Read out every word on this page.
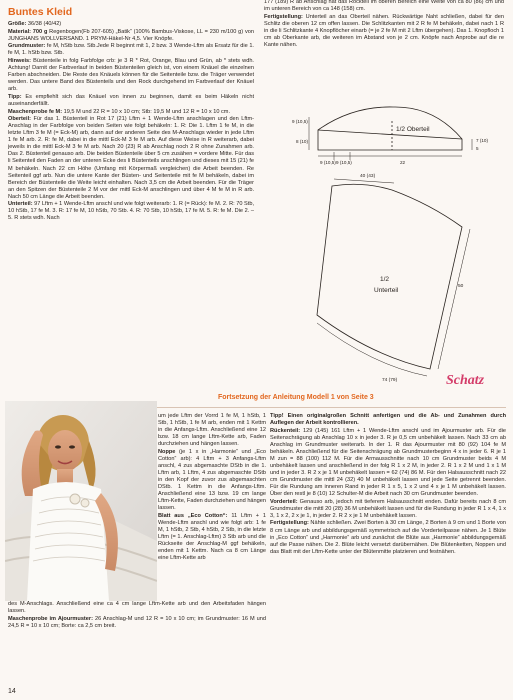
Buntes Kleid

Größe: 36/38 (40/42)

Material: 700 g Regenbogen(Fb 207-605) „Batik“ (100% Bambus-Viskose, LL = 230 m/100 g) von JUNGHANS WOLLVERSAND. 1 PRYM-Häkel-Nr 4,5. Vier Knöpfe.

Grundmuster: fe M, hStb bzw. Stb.Jede R beginnt mit 1, 2 bzw. 3 Wende-Lftm als Ersatz für die 1. fe M, 1. hStb bzw. Stb.

Hinweis: Büstenteile in folg Farbfolge crb: je 3 R * Rot, Orange, Blau und Grün, ab * stets wdh. Achtung! Darnit der Farbverlauf in beiden Büstenteilen gleich ist, von einem Knäuel die einzelnen Farben abschneiden. Die Reste des Knäuels können für die Seitenteile bzw. die Träger verwendet werden. Das untere Band des Büstenteils und den Rock durchgehend im Farbverlauf der Knäuel arb.

Tipp: Es empfiehlt sich das Knäuel von innen zu beginnen, damit es beim Häkeln nicht auseinanderfällt.

Maschenprobe fe M: 19,5 M und 22 R = 10 x 10 cm; Stb: 19,5 M und 12 R = 10 x 10 cm.

Oberteil: Für das 1. Büstenteil in Rot 17 (21) Lftm + 1 Wende-Lftm anschlagen und den Lftm-Anschlag in der Farbfolge von beiden Seiten wie folgt behäkeln: 1. R: Die 1. Lftm 1 fe M, in die letzte Lftm 3 fe M (= Eck-M) arb, dann auf der anderen Seite des M-Anschlags wieder in jede Lftm 1 fe M arb. 2. R: fe M, dabei in die mittl Eck-M 3 fe M arb. Auf diese Weise in R weiterarb, dabei jeweils in die mittl Eck-M 3 fe M arb. Nach 20 (23) R ab Anschlag noch 2 R ohne Zunahmen arb. Das 2. Büstenteil genauso arb. Die beiden Büstenteile über 5 cm zusähen = vordere Mitte. Für das li Seitenteil den Faden an der unteren Ecke des li Büstenteils anschlingen und dieses mit 15 (21) fe M behäkeln. Nach 22 cm Höhe (Umfang mit Körpermaß vergleichen) die Arbeit beenden. Re Seitenteil ggf arb. Nun die untere Kante der Büsten- und Seitenteile mit fe M behäkeln, dabei im Bereich der Büstenteile die Weite leicht einhalten. Nach 3,5 cm die Arbeit beenden. Für die Träger an den Spitzen der Büstenteile 2 M vor der mittl Eck-M anschlingen und über 4 M fe M in R arb. Nach 50 cm Länge die Arbeit beenden.

Unterteil: 97 Lftm + 1 Wende-Lftm anschl und wie folgt weiterarb: 1. R (= Rück): fe M. 2. R: 70 Stb, 10 hStb, 17 fe M. 3. R: 17 fe M, 10 hStb, 70 Stb. 4. R: 70 Stb, 10 hStb, 17 fe M. 5. R: fe M. Die 2. – 5. R stets wdh. Nach

177 (189) R ab Anschlag hat das Rockteil im oberen Bereich eine Weite von ca 80 (86) cm und im unteren Bereich von ca 148 (158) cm.

Fertigstellung: Unterteil an das Oberteil nähen. Rückwärtige Naht schließen, dabei für den Schlitz die oberen 12 cm offen lassen. Die Schlitzkanten mit 2 R fe M behäkeln, dabei nach 1 R in die li Schlitzkante 4 Knopflöcher einarb (= je 2 fe M mit 2 Lftm übergehen). Das 1. Knopfloch 1 cm ab Oberkante arb, die weiteren im Abstand von je 2 cm. Knöpfe nach Anprobe auf die re Kante nähen.

1/2 Oberteil
9 (10,5)
8 (10)
9 (10,5) 9 (10,5)	22
7 (10)
5
40 (43)
50
74 (79)
1/2
Unterteil
Schatz
Fortsetzung der Anleitung Modell 1 von Seite 3

um jede Lftm der Vorrd 1 fe M, 1 hStb, 1 Stb, 1 hStb, 1 fe M arb, enden mit 1 Kettm in die Anfangs-Lftm. Anschließend eine 12 bzw. 18 cm lange Lftm-Kette arb, Faden durchziehen und hängen lassen.

Noppe (je 1 x in „Harmonie“ und „Eco Cotton“ arb): 4 Lftm + 3 Anfangs-Lftm anschl, 4 zus abgemaschte DStb in die 1. Lftm arb, 1 Lftm, 4 zus abgemaschte DStb in den Kopf der zuvor zus abgemaschten DStb. 1 Kettm in die Anfangs-Lftm. Anschließend eine 13 bzw. 19 cm lange Lftm-Kette, Faden durchziehen und hängen lassen.

Blatt aus „Eco Cotton“: 11 Lftm + 1 Wende-Lftm anschl und wie folgt arb: 1 fe M, 1 hStb, 2 Stb, 4 hStb, 2 Stb, in die letzte Lftm (= 1. Anschlag-Lftm) 3 Stb arb und die Rückseite der Anschlag-M ggf behäkeln, enden mit 1 Kettm. Nach ca 8 cm Länge eine Lftm-Kette arb

des M-Anschlags. Anschließend eine ca 4 cm lange Lftm-Kette arb und den Arbeitsfaden hängen lassen.

Maschenprobe im Ajourmuster: 26 Anschlag-M und 12 R = 10 x 10 cm; im Grundmuster: 16 M und 24,5 R = 10 x 10 cm; Borte: ca 2,5 cm breit.

Tipp! Einen originalgroßen Schnitt anfertigen und die Ab- und Zunahmen durch Auflegen der Arbeit kontrollieren.

Rückenteil: 129 (145) 161 Lftm + 1 Wende-Lftm anschl und im Ajourmuster arb. Für die Seitenschrägung ab Anschlag 10 x in jeder 3. R je 0,5 cm unbehäkelt lassen. Nach 33 cm ab Anschlag im Grundmuster weiterarb. In der 1. R das Ajourmuster mit 80 (92) 104 fe M behäkeln. Anschließend für die Seitenschrägung ab Grundmusterbeginn 4 x in jeder 6. R je 1 M zun = 88 (100) 112 M. Für die Armausschnitte nach 10 cm Grundmuster beids 4 M unbehäkelt lassen und anschließend in der folg R 1 x 2 M, in jeder 2. R 1 x 2 M und 1 x 1 M und in jeder 3. R 2 x je 1 M unbehäkelt lassen = 62 (74) 86 M. Für den Halsausschnitt nach 22 cm Grundmuster die mittl 24 (32) 40 M unbehäkelt lassen und jede Seite getrennt beenden. Für die Rundung am inneren Rand in jeder R 1 x 5, 1 x 2 und 4 x je 1 M unbehäkelt lassen. Über den restl je 8 (10) 12 Schulter-M die Arbeit nach 30 cm Grundmuster beenden.

Vorderteil: Genauso arb, jedoch mit tieferem Halsausschnitt enden. Dafür bereits nach 8 cm Grundmuster die mittl 20 (28) 36 M unbehäkelt lassen und für die Rundung in jeder R 1 x 4, 1 x 3, 1 x 2, 2 x je 1, in jeder 2. R 2 x je 1 M unbehäkelt lassen.

Fertigstellung: Nähte schließen. Zwei Borten à 30 cm Länge, 2 Borten à 9 cm und 1 Borte von 8 cm Länge arb und abbildungsgemäß symmetrisch auf die Vorderteilpasse nähen. Je 1 Blüte in „Eco Cotton“ und „Harmonie“ arb und zunächst die Blüte aus „Harmonie“ abbildungsgemäß auf die Passe nähen. Die 2. Blüte leicht versetzt darübernähen. Die Blütenketten, Noppen und das Blatt mit der Lftm-Kette unter der Blütenmitte platzieren und festnähen.

14
